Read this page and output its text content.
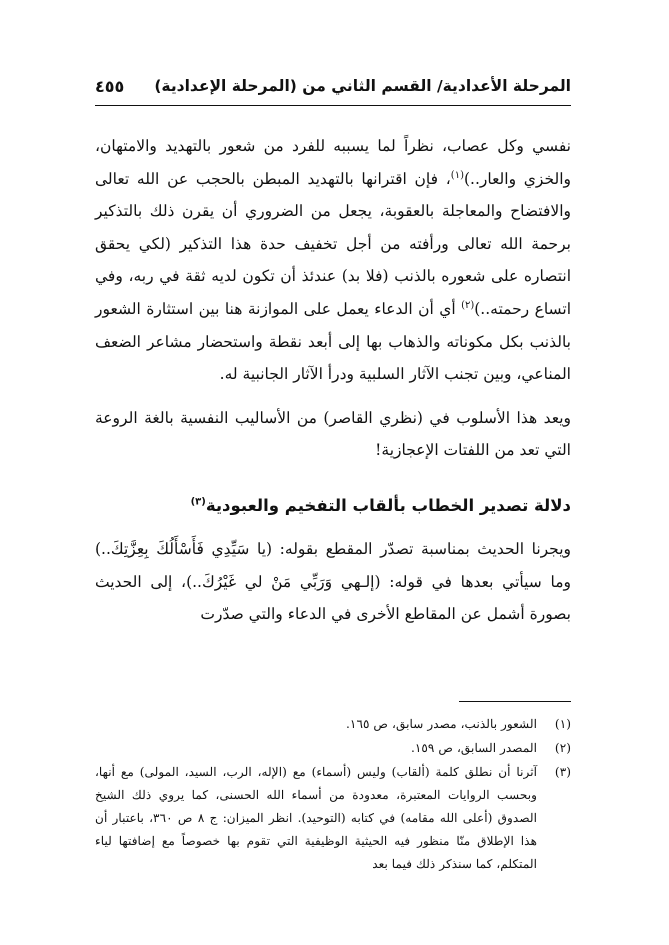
المرحلة الأعدادية/ القسم الثاني من (المرحلة الإعدادية)
٤٥٥

نفسي وكل عصاب، نظراً لما يسببه للفرد من شعور بالتهديد والامتهان، والخزي والعار..)$^{(١)}$، فإن اقترانها بالتهديد المبطن بالحجب عن الله تعالى والافتضاح والمعاجلة بالعقوبة، يجعل من الضروري أن يقرن ذلك بالتذكير برحمة الله تعالى ورأفته من أجل تخفيف حدة هذا التذكير (لكي يحقق انتصاره على شعوره بالذنب (فلا بد) عندئذ أن تكون لديه ثقة في ربه، وفي اتساع رحمته..)$^{(٢)}$ أي أن الدعاء يعمل على الموازنة هنا بين استثارة الشعور بالذنب بكل مكوناته والذهاب بها إلى أبعد نقطة واستحضار مشاعر الضعف المناعي، وبين تجنب الآثار السلبية ودرأ الآثار الجانبية له.

ويعد هذا الأسلوب في (نظري القاصر) من الأساليب النفسية بالغة الروعة التي تعد من اللفتات الإعجازية!

دلالة تصدير الخطاب بألقاب التفخيم والعبودية$^{(٣)}$

ويجرنا الحديث بمناسبة تصدّر المقطع بقوله: (يا سَيِّدِي فَأَسْأَلُكَ بِعِزَّتِكَ..) وما سيأتي بعدها في قوله: (إلـهي وَرَبِّي مَنْ لي غَيْرُكَ..)، إلى الحديث بصورة أشمل عن المقاطع الأخرى في الدعاء والتي صدّرت

(١)
الشعور بالذنب، مصدر سابق، ص ١٦٥.
(٢)
المصدر السابق، ص ١٥٩.
(٣)
آثرنا أن نطلق كلمة (ألقاب) وليس (أسماء) مع (الإله، الرب، السيد، المولى) مع أنها، وبحسب الروايات المعتبرة، معدودة من أسماء الله الحسنى، كما يروي ذلك الشيخ الصدوق (أعلى الله مقامه) في كتابه (التوحيد). انظر الميزان: ج ٨ ص ٣٦٠، باعتبار أن هذا الإطلاق منّا منظور فيه الحيثية الوظيفية التي تقوم بها خصوصاً مع إضافتها لياء المتكلم، كما سنذكر ذلك فيما بعد
